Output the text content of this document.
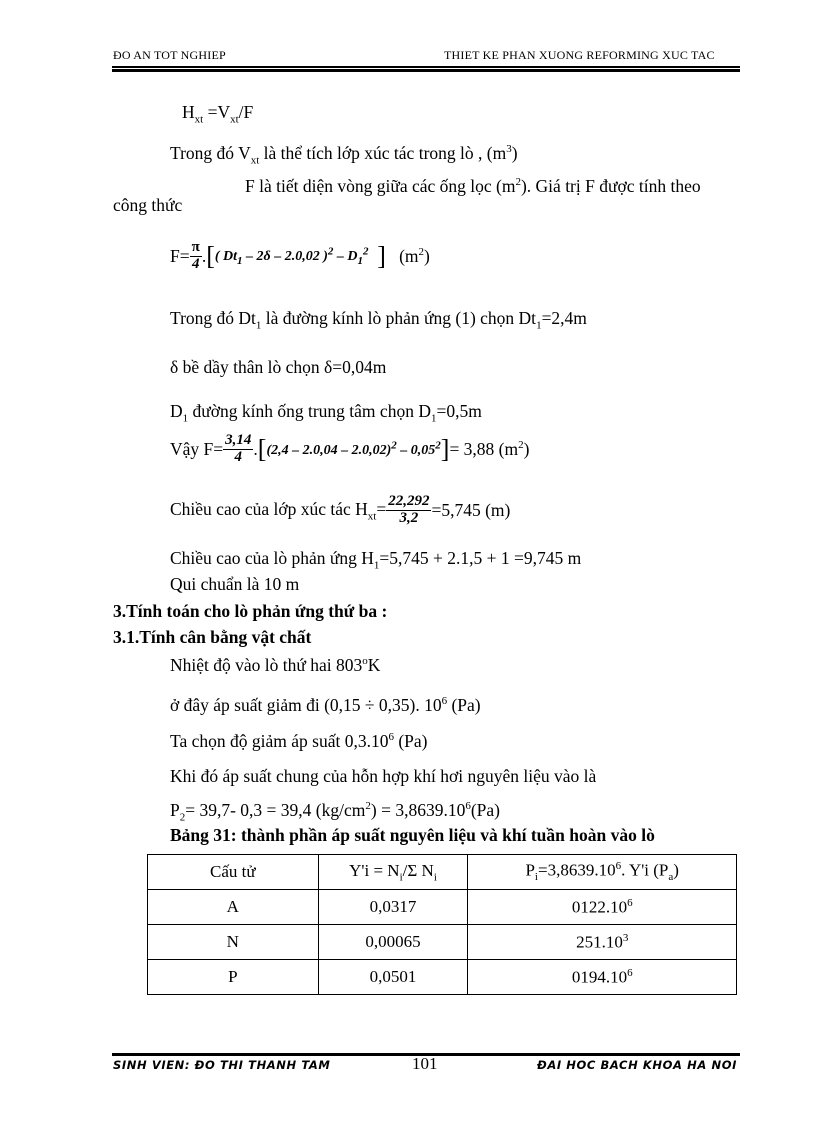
ĐO AN TOT NGHIEP	THIET KE PHAN XUONG REFORMING XUC TAC
$H_{xt} =V_{xt}/F$
Trong đó $V_{xt}$ là thể tích lớp xúc tác trong lò , $(m^3)$
F là tiết diện vòng giữa các ống lọc $(m^2)$. Giá trị F được tính theo
công thức
$F= \frac{\pi}{4}$ .[( $Dt_1 - 2\delta - 2.0,02$ )$^2 - D_1^2$ ] $(m^2)$
Trong đó $Dt_1$ là đường kính lò phản ứng (1) chọn $Dt_1=2,4m$
δ bề dầy thân lò chọn δ=0,04m
$D_1$ đường kính ống trung tâm chọn $D_1=0,5m$
Vậy $F= \frac{3,14}{4} .[(2,4 - 2.0,04 - 2.0,02)^2 - 0,05^2]= 3,88$ $(m^2)$
Chiều cao của lớp xúc tác $H_{xt}= \frac{22,292}{3,2} =5,745$ (m)
Chiều cao của lò phản ứng $H_1=5,745 + 2.1,5 + 1 =9,745$ m
Qui chuẩn là 10 m
3.Tính toán cho lò phản ứng thứ ba :
3.1.Tính cân bằng vật chất
Nhiệt độ vào lò thứ hai 803$^o$K
ở đây áp suất giảm đi (0,15 ÷ 0,35). $10^6$ (Pa)
Ta chọn độ giảm áp suất 0,3.10$^6$ (Pa)
Khi đó áp suất chung của hỗn hợp khí hơi nguyên liệu vào là
$P_2= 39,7-$ 0,3 = 39,4 $(kg/cm^2) = 3,8639.10^6(Pa)$
Bảng 31: thành phần áp suất nguyên liệu và khí tuần hoàn vào lò
Cấu tử	$Y'i = N_i/\Sigma$ $N_i$	$P_i=3,8639.10^6$. Y'i $(P_a)$
A	0,0317	0122.10$^6$
N	0,00065	251.10$^3$
P	0,0501	0194.10$^6$
SINH VIEN: ĐO THI THANH TAM	101	ĐAI HOC BACH KHOA HA NOI
